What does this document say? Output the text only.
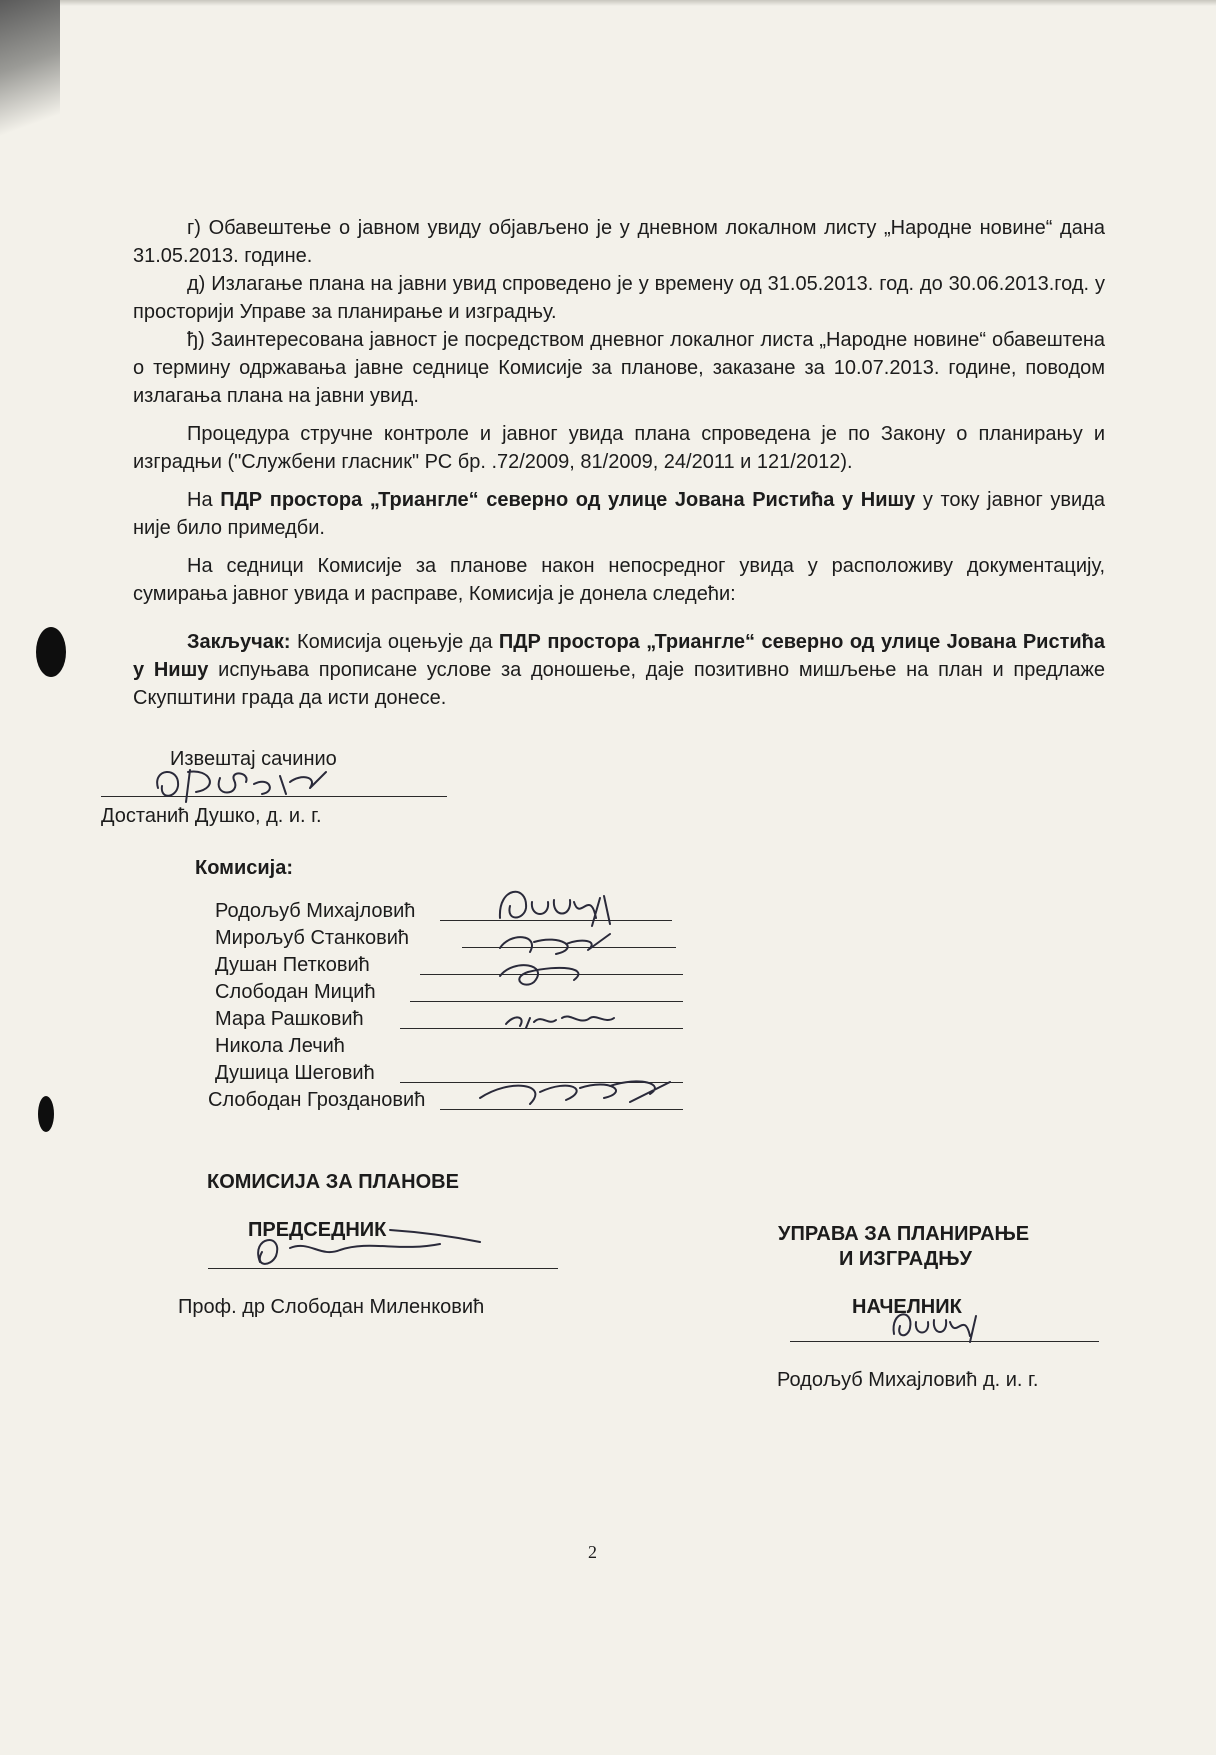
г) Обавештење о јавном увиду објављено је у дневном локалном листу „Народне новине“ дана 31.05.2013. године.

д) Излагање плана на јавни увид спроведено је у времену од 31.05.2013. год. до 30.06.2013.год. у просторији Управе за планирање и изградњу.

ђ) Заинтересована јавност је посредством дневног локалног листа „Народне новине“ обавештена о термину одржавања јавне седнице Комисије за планове, заказане за 10.07.2013. године, поводом излагања плана на јавни увид.

Процедура стручне контроле и јавног увида плана спроведена је по Закону о планирању и изградњи ("Службени гласник" РС бр. .72/2009, 81/2009, 24/2011 и 121/2012).

На ПДР простора „Триангле“ северно од улице Јована Ристића у Нишу у току јавног увида није било примедби.

На седници Комисије за планове након непосредног увида у расположиву документацију, сумирања јавног увида и расправе, Комисија је донела следећи:

Закључак: Комисија оцењује да ПДР простора „Триангле“ северно од улице Јована Ристића у Нишу испуњава прописане услове за доношење, даје позитивно мишљење на план и предлаже Скупштини града да исти донесе.

Извештај сачинио
Достанић Душко, д. и. г.
Комисија:
Родољуб Михајловић
Мирољуб Станковић
Душан Петковић
Слободан Мицић
Мара Рашковић
Никола Лечић
Душица Шеговић
Слободан Гроздановић
КОМИСИЈА ЗА ПЛАНОВЕ
ПРЕДСЕДНИК
Проф. др Слободан Миленковић
УПРАВА ЗА ПЛАНИРАЊЕ
И ИЗГРАДЊУ
НАЧЕЛНИК
Родољуб Михајловић д. и. г.
2
